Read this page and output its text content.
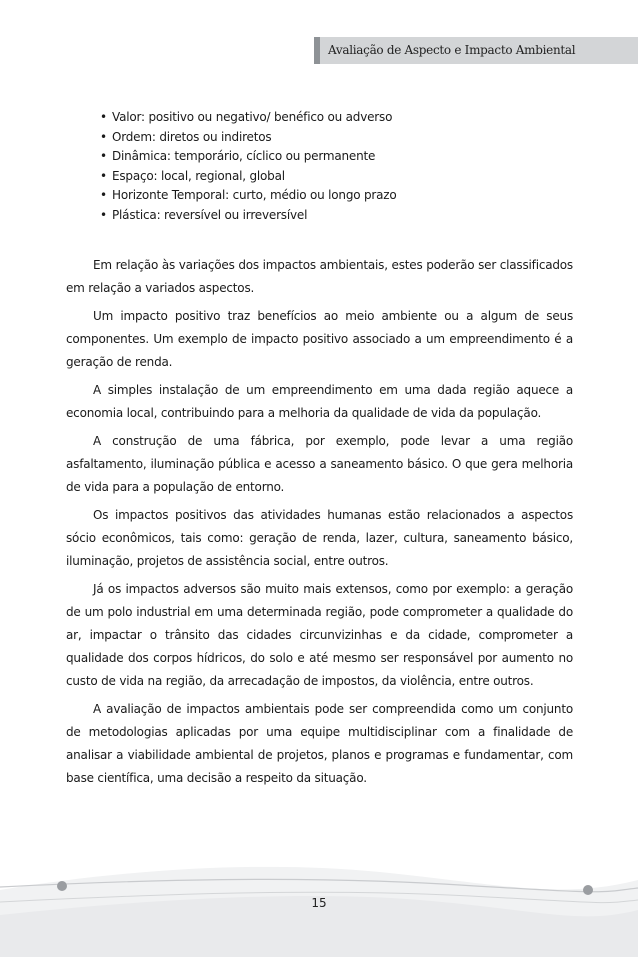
Avaliação de Aspecto e Impacto Ambiental
• Valor: positivo ou negativo/ benéfico ou adverso
• Ordem: diretos ou indiretos
• Dinâmica: temporário, cíclico ou permanente
• Espaço: local, regional, global
• Horizonte Temporal: curto, médio ou longo prazo
• Plástica: reversível ou irreversível

Em relação às variações dos impactos ambientais, estes poderão ser classificados em relação a variados aspectos.

Um impacto positivo traz benefícios ao meio ambiente ou a algum de seus componentes. Um exemplo de impacto positivo associado a um empreendimento é a geração de renda.

A simples instalação de um empreendimento em uma dada região aquece a economia local, contribuindo para a melhoria da qualidade de vida da população.

A construção de uma fábrica, por exemplo, pode levar a uma região asfaltamento, iluminação pública e acesso a saneamento básico. O que gera melhoria de vida para a população de entorno.

Os impactos positivos das atividades humanas estão relacionados a aspectos sócio econômicos, tais como: geração de renda, lazer, cultura, saneamento básico, iluminação, projetos de assistência social, entre outros.

Já os impactos adversos são muito mais extensos, como por exemplo: a geração de um polo industrial em uma determinada região, pode comprometer a qualidade do ar, impactar o trânsito das cidades circunvizinhas e da cidade, comprometer a qualidade dos corpos hídricos, do solo e até mesmo ser responsável por aumento no custo de vida na região, da arrecadação de impostos, da violência, entre outros.

A avaliação de impactos ambientais pode ser compreendida como um conjunto de metodologias aplicadas por uma equipe multidisciplinar com a finalidade de analisar a viabilidade ambiental de projetos, planos e programas e fundamentar, com base científica, uma decisão a respeito da situação.

15
